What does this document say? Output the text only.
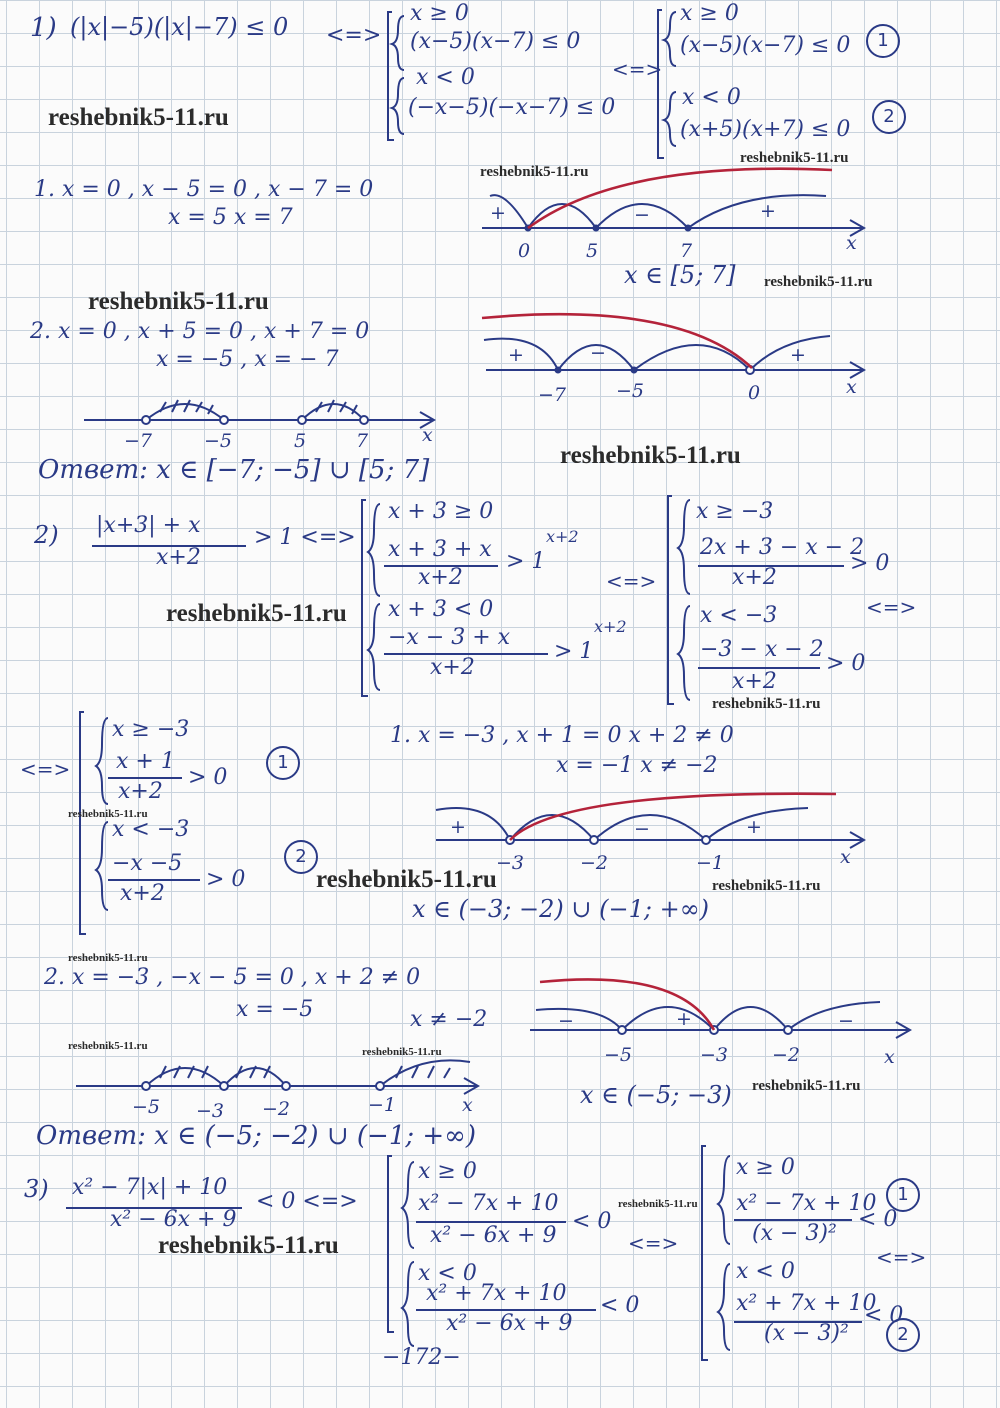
1) (|x|−5)(|x|−7) ≤ 0 <=>
x ≥ 0
(x−5)(x−7) ≤ 0
x < 0
(−x−5)(−x−7) ≤ 0
<=>
x ≥ 0
(x−5)(x−7) ≤ 0
x < 0
(x+5)(x+7) ≤ 0
1
2
reshebnik5-11.ru
reshebnik5-11.ru
reshebnik5-11.ru
1. x = 0 , x − 5 = 0 , x − 7 = 0
x = 5 x = 7
0	5	7	x
+	−	+
x ∈ [5; 7] reshebnik5-11.ru
reshebnik5-11.ru
2. x = 0 , x + 5 = 0 , x + 7 = 0
x = −5 , x = − 7
−7	−5	0	x
+	−	+
−7	−5	5	7	x
Ответ: x ∈ [−7; −5] ∪ [5; 7]	reshebnik5-11.ru
2) |x+3| + x
x+2
> 1 <=>
x + 3 ≥ 0
x + 3 + x
x+2
> 1
x+2
x + 3 < 0
−x − 3 + x
x+2
> 1
x+2
<=>
x ≥ −3
2x + 3 − x − 2
x+2
> 0
<=>
x < −3
−3 − x − 2
x+2
> 0
reshebnik5-11.ru
reshebnik5-11.ru
<=>
x ≥ −3
x + 1
x+2
> 0
reshebnik5-11.ru
x < −3
−x −5
x+2
> 0
1
2
1. x = −3 , x + 1 = 0 x + 2 ≠ 0
x = −1 x ≠ −2
−3	−2	−1	x
+	−	+
reshebnik5-11.ru	reshebnik5-11.ru
x ∈ (−3; −2) ∪ (−1; +∞)
reshebnik5-11.ru
2. x = −3 , −x − 5 = 0 , x + 2 ≠ 0
x = −5	x ≠ −2
−5	−3 −2	x
−	+	−
reshebnik5-11.ru	reshebnik5-11.ru
−5 −3 −2	−1	x	x ∈ (−5; −3) reshebnik5-11.ru
Ответ: x ∈ (−5; −2) ∪ (−1; +∞)
3) x² − 7|x| + 10
x² − 6x + 9
< 0 <=>
reshebnik5-11.ru
x ≥ 0
x² − 7x + 10
x² − 6x + 9
< 0
x < 0
x² + 7x + 10
x² − 6x + 9
< 0
reshebnik5-11.ru
<=>
x ≥ 0
x² − 7x + 10
(x − 3)²
< 0
1
<=>
x < 0
x² + 7x + 10
(x − 3)²
< 0
2
−172−
